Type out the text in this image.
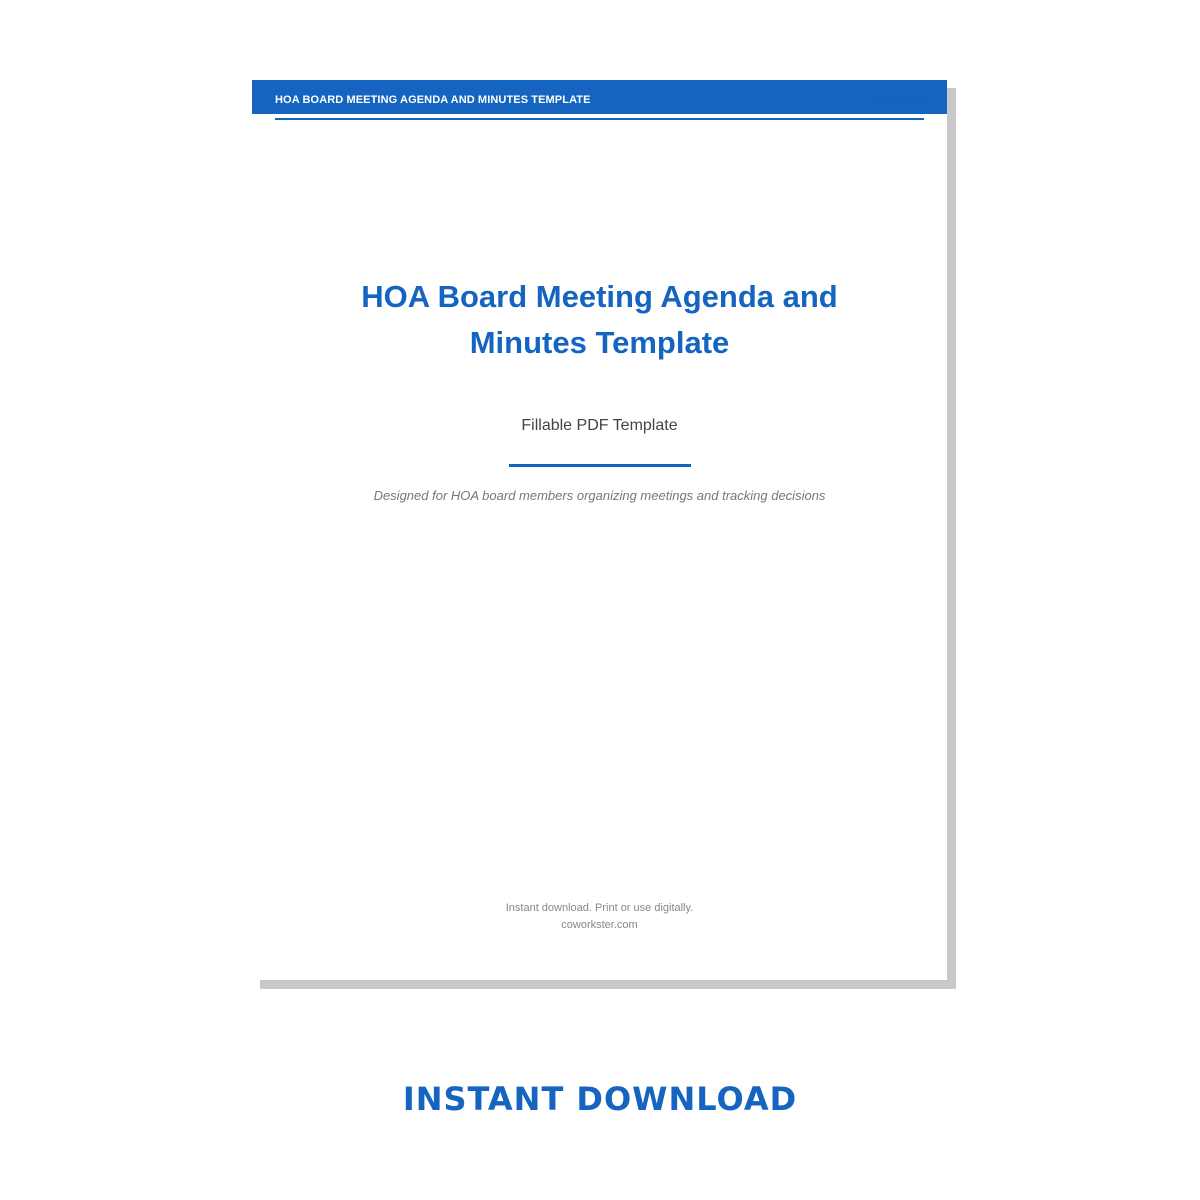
HOA BOARD MEETING AGENDA AND MINUTES TEMPLATE	Page 1 of 5
HOA Board Meeting Agenda and
Minutes Template
Fillable PDF Template
Designed for HOA board members organizing meetings and tracking decisions
Instant download. Print or use digitally.
coworkster.com
INSTANT DOWNLOAD
